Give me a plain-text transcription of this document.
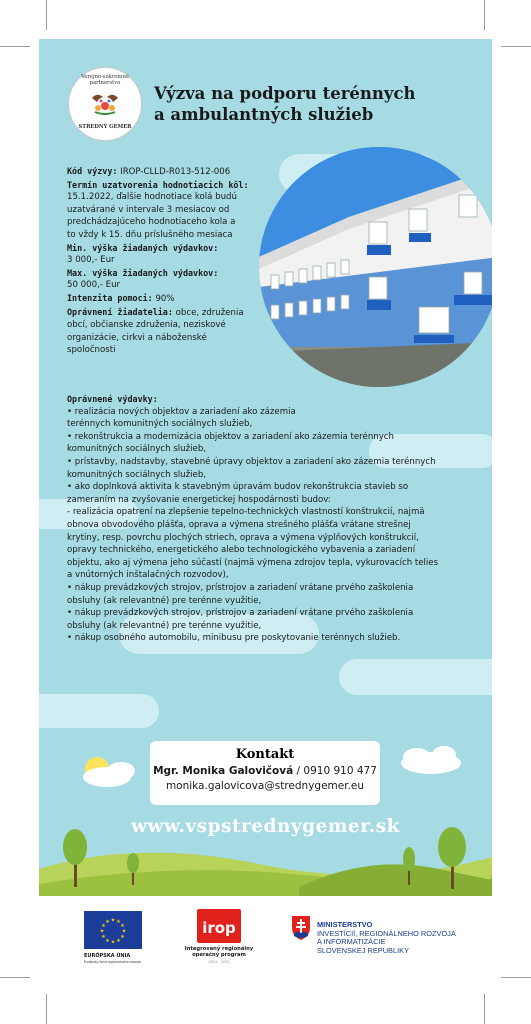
Verejno-súkromné partnerstvo
STREDNÝ GEMER
Výzva na podporu terénnych
a ambulantných služieb
Kód výzvy: IROP-CLLD-R013-512-006
Termín uzatvorenia hodnotiacich kôl:
15.1.2022, ďalšie hodnotiace kolá budú
uzatvárané v intervale 3 mesiacov od
predchádzajúceho hodnotiaceho kola a
to vždy k 15. dňu príslušného mesiaca
Min. výška žiadaných výdavkov:
3 000,- Eur
Max. výška žiadaných výdavkov:
50 000,- Eur
Intenzita pomoci: 90%
Oprávnení žiadatelia: obce, združenia
obcí, občianske združenia, neziskové
organizácie, cirkvi a náboženské
spoločnosti
Oprávnené výdavky:
• realizácia nových objektov a zariadení ako zázemia
terénnych komunitných sociálnych služieb,
• rekonštrukcia a modernizácia objektov a zariadení ako zázemia terénnych
komunitných sociálnych služieb,
• prístavby, nadstavby, stavebné úpravy objektov a zariadení ako zázemia terénnych
komunitných sociálnych služieb,
• ako doplnková aktivita k stavebným úpravám budov rekonštrukcia stavieb so
zameraním na zvyšovanie energetickej hospodárnosti budov:
- realizácia opatrení na zlepšenie tepelno-technických vlastností konštrukcií, najmä
obnova obvodového plášťa, oprava a výmena strešného plášťa vrátane strešnej
krytiny, resp. povrchu plochých striech, oprava a výmena výplňových konštrukcií,
opravy technického, energetického alebo technologického vybavenia a zariadení
objektu, ako aj výmena jeho súčastí (najmä výmena zdrojov tepla, vykurovacích telies
a vnútorných inštalačných rozvodov),
• nákup prevádzkových strojov, prístrojov a zariadení vrátane prvého zaškolenia
obsluhy (ak relevantné) pre terénne využitie,
• nákup prevádzkových strojov, prístrojov a zariadení vrátane prvého zaškolenia
obsluhy (ak relevantné) pre terénne využitie,
• nákup osobného automobilu, minibusu pre poskytovanie terénnych služieb.
Kontakt
Mgr. Monika Galovičová / 0910 910 477
monika.galovicova@strednygemer.eu
www.vspstrednygemer.sk
★
★
★
★
★
★
★
★
★ ★ ★
★
EURÓPSKA ÚNIA
Európsky fond regionálneho rozvoja
irop
Integrovaný regionálny
operačný program
2014 - 2020
MINISTERSTVO
INVESTÍCIÍ, REGIONÁLNEHO ROZVOJA
A INFORMATIZÁCIE
SLOVENSKEJ REPUBLIKY
